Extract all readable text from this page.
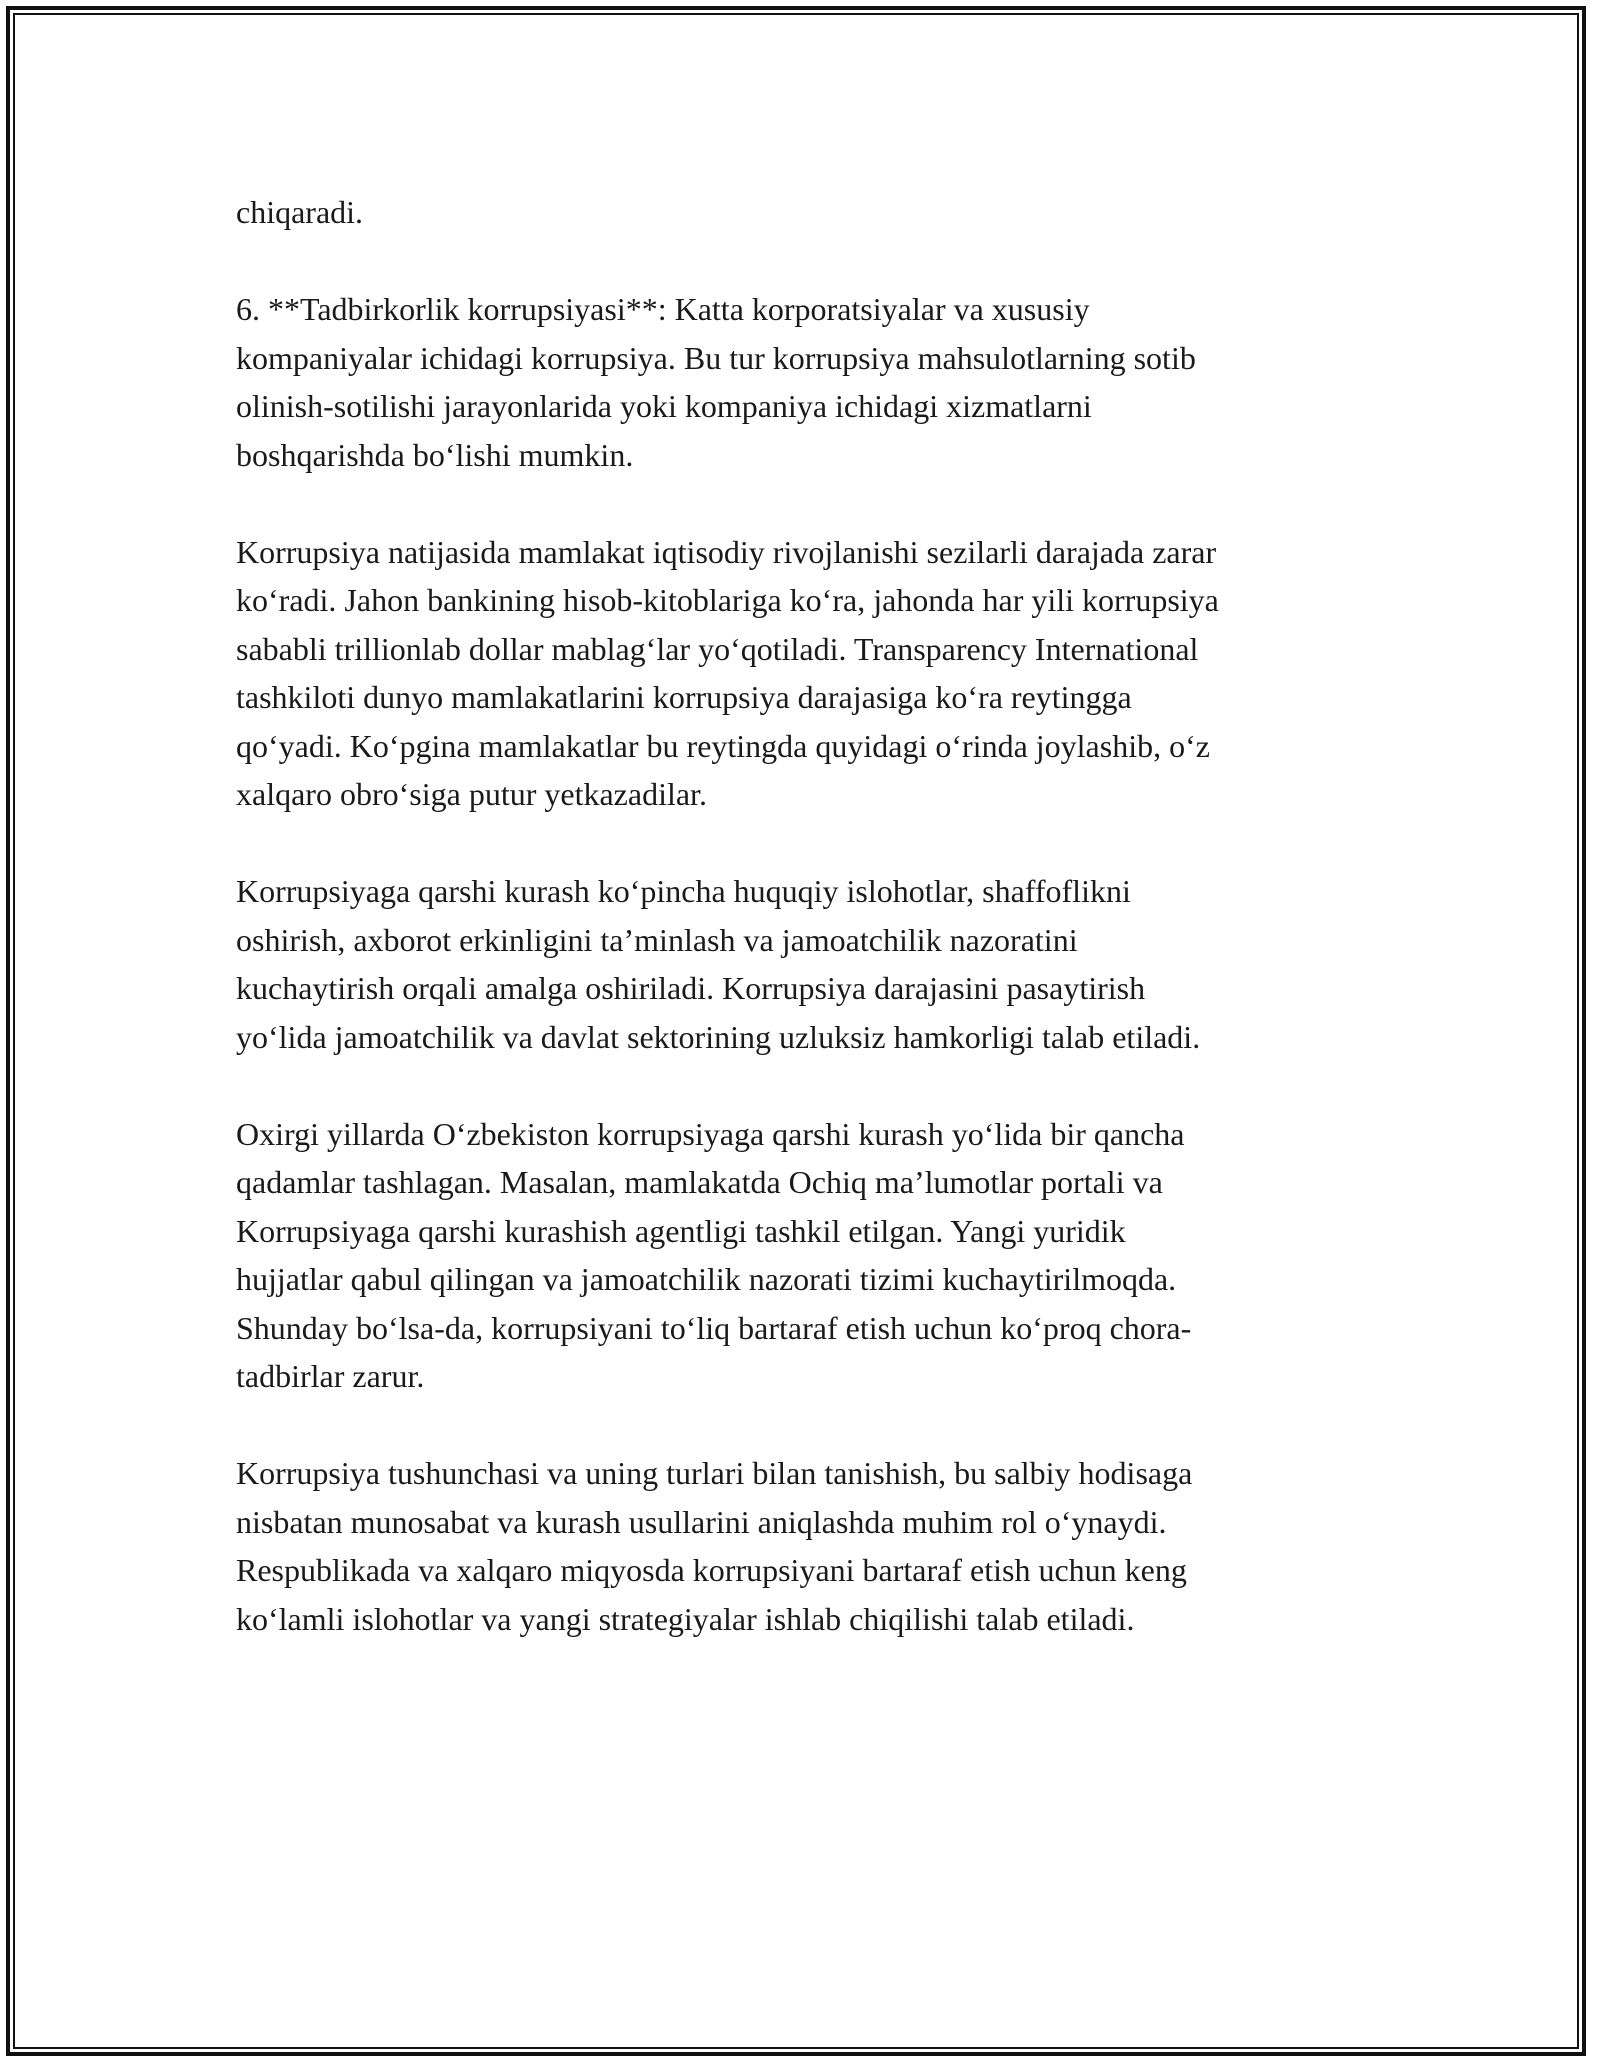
chiqaradi.
6. **Tadbirkorlik korrupsiyasi**: Katta korporatsiyalar va xususiy
kompaniyalar ichidagi korrupsiya. Bu tur korrupsiya mahsulotlarning sotib
olinish-sotilishi jarayonlarida yoki kompaniya ichidagi xizmatlarni
boshqarishda bo‘lishi mumkin.
Korrupsiya natijasida mamlakat iqtisodiy rivojlanishi sezilarli darajada zarar
ko‘radi. Jahon bankining hisob-kitoblariga ko‘ra, jahonda har yili korrupsiya
sababli trillionlab dollar mablag‘lar yo‘qotiladi. Transparency International
tashkiloti dunyo mamlakatlarini korrupsiya darajasiga ko‘ra reytingga
qo‘yadi. Ko‘pgina mamlakatlar bu reytingda quyidagi o‘rinda joylashib, o‘z
xalqaro obro‘siga putur yetkazadilar.
Korrupsiyaga qarshi kurash ko‘pincha huquqiy islohotlar, shaffoflikni
oshirish, axborot erkinligini ta’minlash va jamoatchilik nazoratini
kuchaytirish orqali amalga oshiriladi. Korrupsiya darajasini pasaytirish
yo‘lida jamoatchilik va davlat sektorining uzluksiz hamkorligi talab etiladi.
Oxirgi yillarda O‘zbekiston korrupsiyaga qarshi kurash yo‘lida bir qancha
qadamlar tashlagan. Masalan, mamlakatda Ochiq ma’lumotlar portali va
Korrupsiyaga qarshi kurashish agentligi tashkil etilgan. Yangi yuridik
hujjatlar qabul qilingan va jamoatchilik nazorati tizimi kuchaytirilmoqda.
Shunday bo‘lsa-da, korrupsiyani to‘liq bartaraf etish uchun ko‘proq chora-
tadbirlar zarur.
Korrupsiya tushunchasi va uning turlari bilan tanishish, bu salbiy hodisaga
nisbatan munosabat va kurash usullarini aniqlashda muhim rol o‘ynaydi.
Respublikada va xalqaro miqyosda korrupsiyani bartaraf etish uchun keng
ko‘lamli islohotlar va yangi strategiyalar ishlab chiqilishi talab etiladi.
